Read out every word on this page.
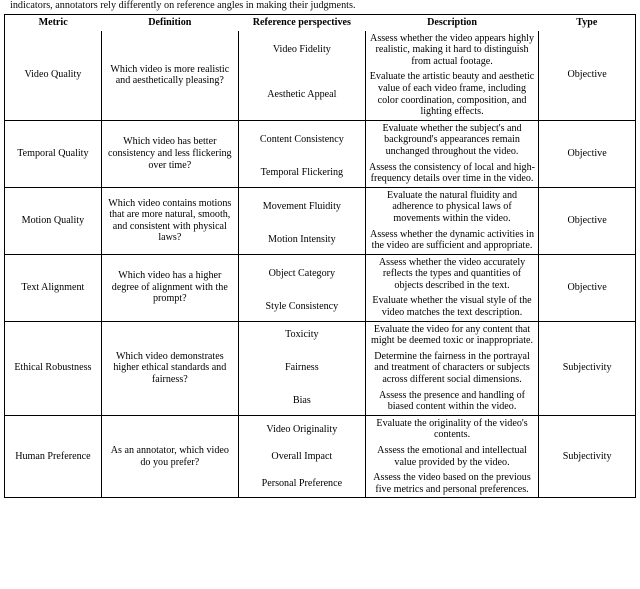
indicators, annotators rely differently on reference angles in making their judgments.
Metric	Definition	Reference perspectives	Description	Type
Video Quality	Which video is more realistic and aesthetically pleasing?	Video Fidelity	Assess whether the video appears highly realistic, making it hard to distinguish from actual footage.	Objective
		Aesthetic Appeal	Evaluate the artistic beauty and aesthetic value of each video frame, including color coordination, composition, and lighting effects.	
Temporal Quality	Which video has better consistency and less flickering over time?	Content Consistency	Evaluate whether the subject's and background's appearances remain unchanged throughout the video.	Objective
		Temporal Flickering	Assess the consistency of local and high-frequency details over time in the video.	
Motion Quality	Which video contains motions that are more natural, smooth, and consistent with physical laws?	Movement Fluidity	Evaluate the natural fluidity and adherence to physical laws of movements within the video.	Objective
		Motion Intensity	Assess whether the dynamic activities in the video are sufficient and appropriate.	
Text Alignment	Which video has a higher degree of alignment with the prompt?	Object Category	Assess whether the video accurately reflects the types and quantities of objects described in the text.	Objective
		Style Consistency	Evaluate whether the visual style of the video matches the text description.	
Ethical Robustness	Which video demonstrates higher ethical standards and fairness?	Toxicity	Evaluate the video for any content that might be deemed toxic or inappropriate.	Subjectivity
		Fairness	Determine the fairness in the portrayal and treatment of characters or subjects across different social dimensions.	
		Bias	Assess the presence and handling of biased content within the video.	
Human Preference	As an annotator, which video do you prefer?	Video Originality	Evaluate the originality of the video's contents.	Subjectivity
		Overall Impact	Assess the emotional and intellectual value provided by the video.	
		Personal Preference	Assess the video based on the previous five metrics and personal preferences.	
